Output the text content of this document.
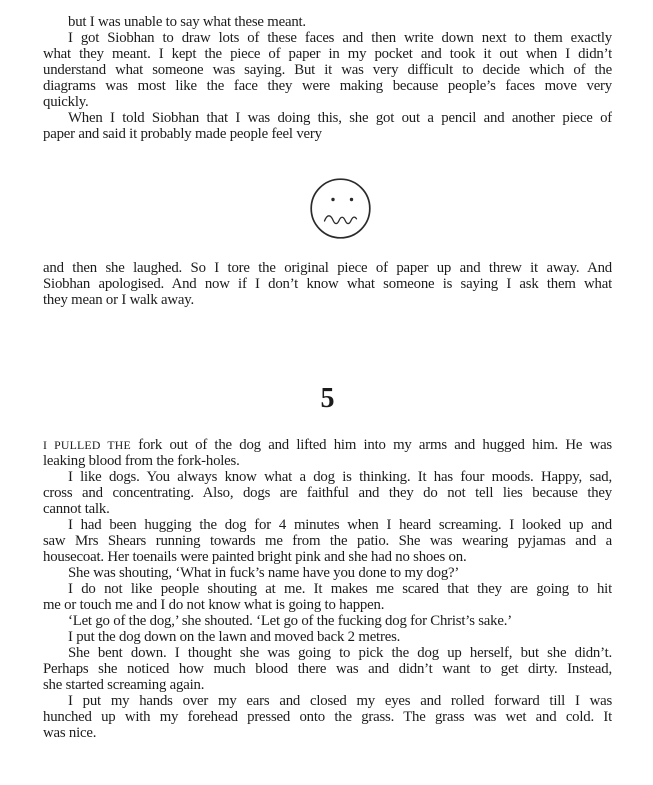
but I was unable to say what these meant.
I got Siobhan to draw lots of these faces and then write down next to them exactly
what they meant. I kept the piece of paper in my pocket and took it out when I didn’t
understand what someone was saying. But it was very difficult to decide which of the
diagrams was most like the face they were making because people’s faces move very
quickly.
When I told Siobhan that I was doing this, she got out a pencil and another piece of
paper and said it probably made people feel very
and then she laughed. So I tore the original piece of paper up and threw it away. And
Siobhan apologised. And now if I don’t know what someone is saying I ask them what
they mean or I walk away.
5
I PULLED THE fork out of the dog and lifted him into my arms and hugged him. He was
leaking blood from the fork-holes.
I like dogs. You always know what a dog is thinking. It has four moods. Happy, sad,
cross and concentrating. Also, dogs are faithful and they do not tell lies because they
cannot talk.
I had been hugging the dog for 4 minutes when I heard screaming. I looked up and
saw Mrs Shears running towards me from the patio. She was wearing pyjamas and a
housecoat. Her toenails were painted bright pink and she had no shoes on.
She was shouting, ‘What in fuck’s name have you done to my dog?’
I do not like people shouting at me. It makes me scared that they are going to hit
me or touch me and I do not know what is going to happen.
‘Let go of the dog,’ she shouted. ‘Let go of the fucking dog for Christ’s sake.’
I put the dog down on the lawn and moved back 2 metres.
She bent down. I thought she was going to pick the dog up herself, but she didn’t.
Perhaps she noticed how much blood there was and didn’t want to get dirty. Instead,
she started screaming again.
I put my hands over my ears and closed my eyes and rolled forward till I was
hunched up with my forehead pressed onto the grass. The grass was wet and cold. It
was nice.
